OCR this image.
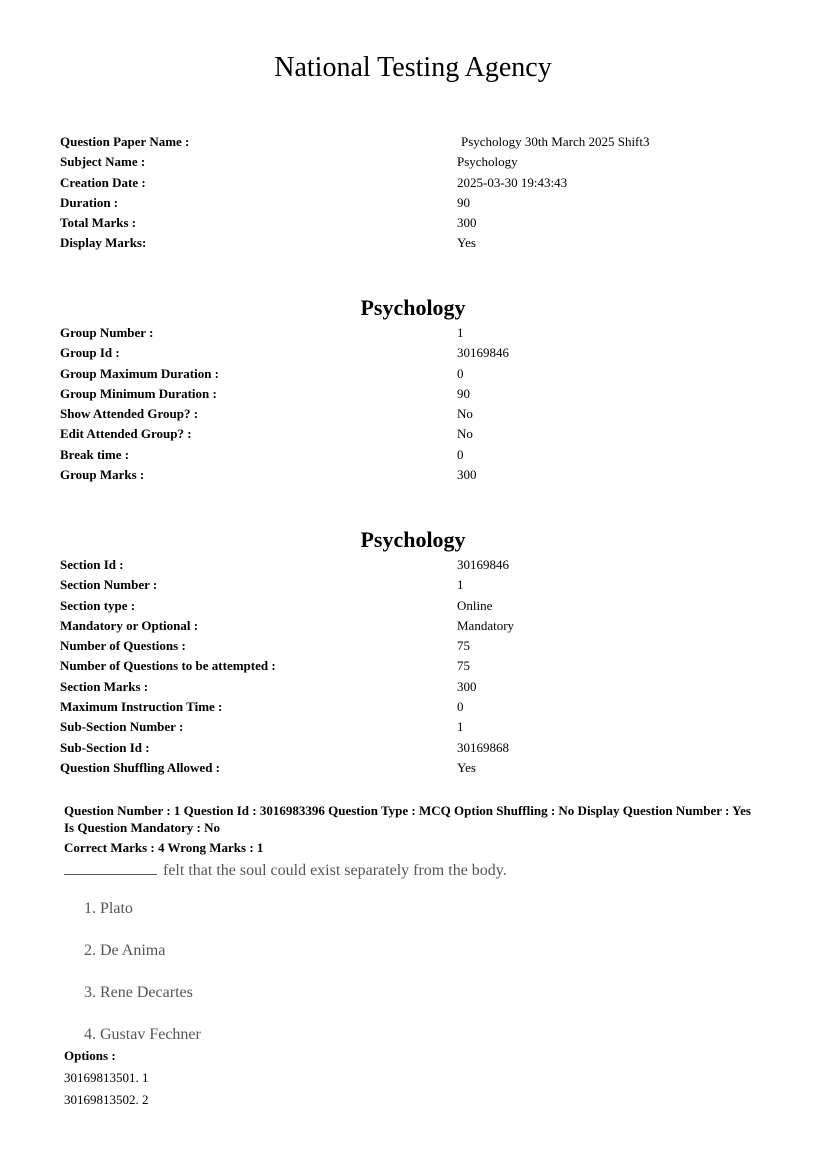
National Testing Agency
Question Paper Name :	Psychology 30th March 2025 Shift3
Subject Name :	Psychology
Creation Date :	2025-03-30 19:43:43
Duration :	90
Total Marks :	300
Display Marks:	Yes
Psychology
Group Number :	1
Group Id :	30169846
Group Maximum Duration :	0
Group Minimum Duration :	90
Show Attended Group? :	No
Edit Attended Group? :	No
Break time :	0
Group Marks :	300
Psychology
Section Id :	30169846
Section Number :	1
Section type :	Online
Mandatory or Optional :	Mandatory
Number of Questions :	75
Number of Questions to be attempted :	75
Section Marks :	300
Maximum Instruction Time :	0
Sub-Section Number :	1
Sub-Section Id :	30169868
Question Shuffling Allowed :	Yes
Question Number : 1 Question Id : 3016983396 Question Type : MCQ Option Shuffling : No Display Question Number : Yes Is Question Mandatory : No
Correct Marks : 4 Wrong Marks : 1
felt that the soul could exist separately from the body.
1. Plato
2. De Anima
3. Rene Decartes
4. Gustav Fechner
Options :
30169813501. 1
30169813502. 2
